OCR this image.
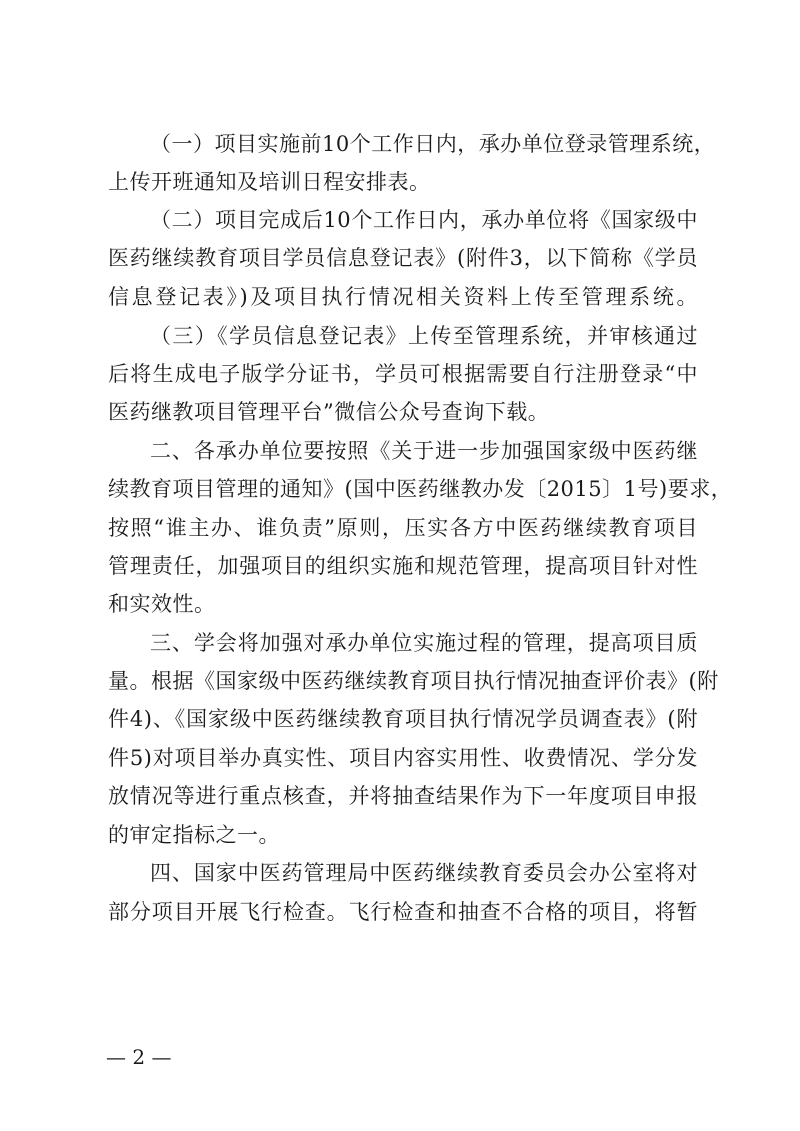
（一）项目实施前10个工作日内，承办单位登录管理系统，
上传开班通知及培训日程安排表。
（二）项目完成后10个工作日内，承办单位将《国家级中
医药继续教育项目学员信息登记表》(附件3，以下简称《学员
信息登记表》)及项目执行情况相关资料上传至管理系统。
（三）《学员信息登记表》上传至管理系统，并审核通过
后将生成电子版学分证书，学员可根据需要自行注册登录“中
医药继教项目管理平台”微信公众号查询下载。
二、各承办单位要按照《关于进一步加强国家级中医药继
续教育项目管理的通知》(国中医药继教办发〔2015〕1号)要求，
按照“谁主办、谁负责”原则，压实各方中医药继续教育项目
管理责任，加强项目的组织实施和规范管理，提高项目针对性
和实效性。
三、学会将加强对承办单位实施过程的管理，提高项目质
量。根据《国家级中医药继续教育项目执行情况抽查评价表》(附
件4)、《国家级中医药继续教育项目执行情况学员调查表》(附
件5)对项目举办真实性、项目内容实用性、收费情况、学分发
放情况等进行重点核查，并将抽查结果作为下一年度项目申报
的审定指标之一。
四、国家中医药管理局中医药继续教育委员会办公室将对
部分项目开展飞行检查。飞行检查和抽查不合格的项目，将暂
— 2 —
